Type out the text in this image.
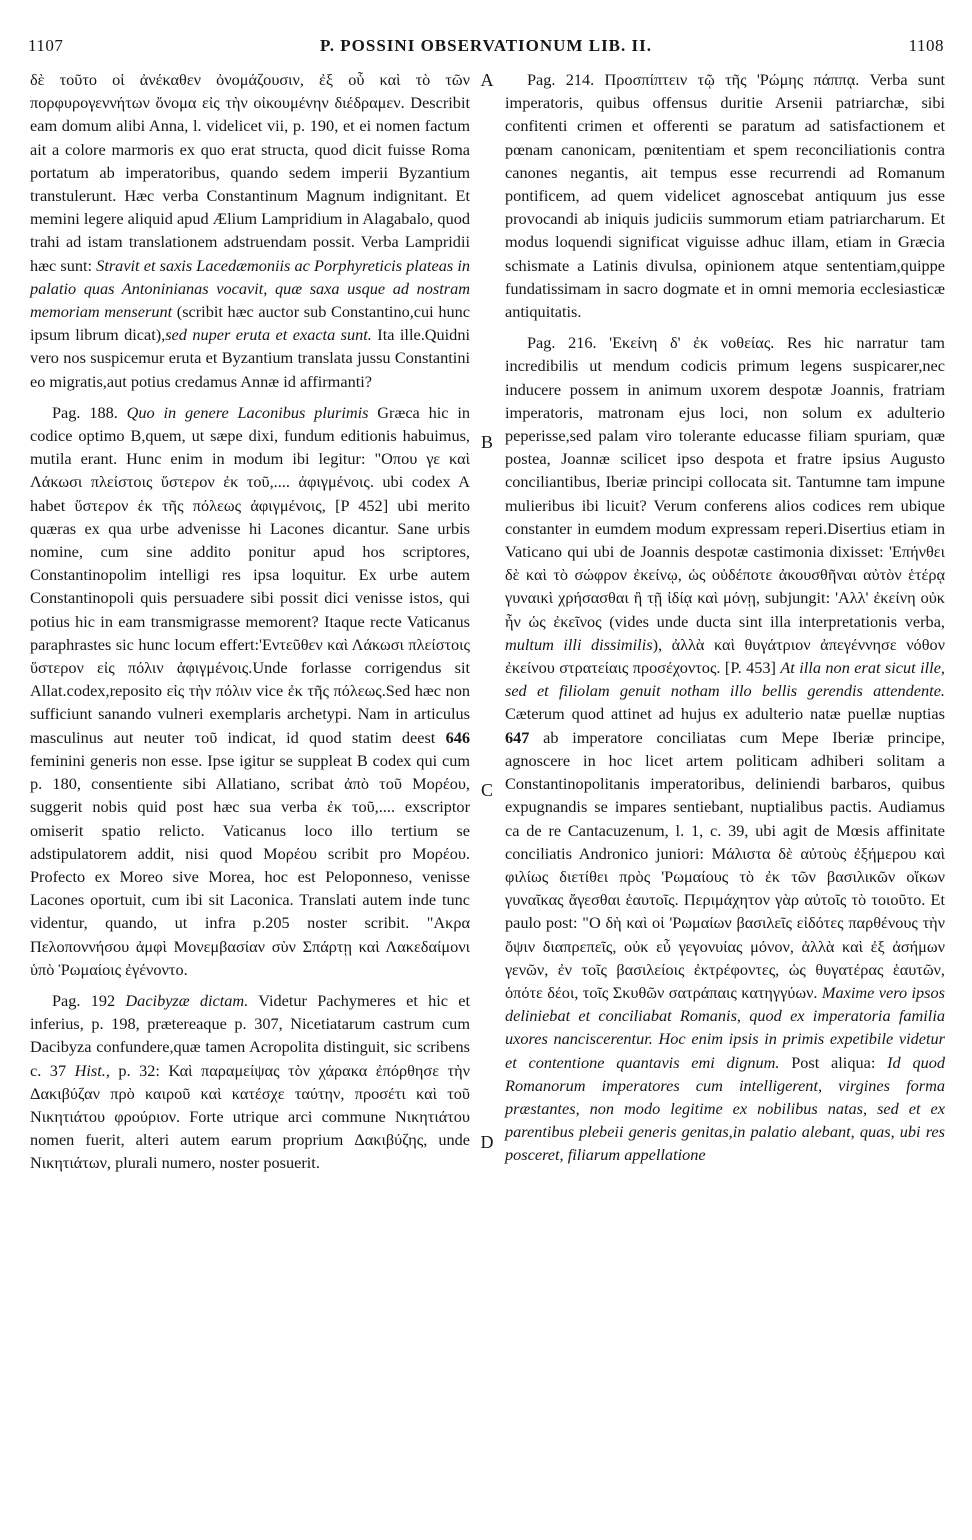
1107	P. POSSINI OBSERVATIONUM LIB. II.	1108
A
B
C
D

δὲ τοῦτο οἱ ἀνέκαθεν ὀνομάζουσιν, ἐξ οὗ καὶ τὸ τῶν πορφυρογεννήτων ὄνομα εἰς τὴν οἰκουμένην διέδραμεν. Describit eam domum alibi Anna, l. videlicet vii, p. 190, et ei nomen factum ait a colore marmoris ex quo erat structa, quod dicit fuisse Roma portatum ab imperatoribus, quando sedem imperii Byzantium transtulerunt. Hæc verba Constantinum Magnum indignitant. Et memini legere aliquid apud Ælium Lampridium in Alagabalo, quod trahi ad istam translationem adstruendam possit. Verba Lampridii hæc sunt: Stravit et saxis Lacedæmoniis ac Porphyreticis plateas in palatio quas Antoninianas vocavit, quæ saxa usque ad nostram memoriam menserunt (scribit hæc auctor sub Constantino,cui hunc ipsum librum dicat),sed nuper eruta et exacta sunt. Ita ille.Quidni vero nos suspicemur eruta et Byzantium translata jussu Constantini eo migratis,aut potius credamus Annæ id affirmanti?

Pag. 188. Quo in genere Laconibus plurimis Græca hic in codice optimo B,quem, ut sæpe dixi, fundum editionis habuimus, mutila erant. Hunc enim in modum ibi legitur: "Οπου γε καὶ Λάκωσι πλείστοις ὕστερον ἐκ τοῦ,.... ἀφιγμένοις. ubi codex A habet ὕστερον ἐκ τῆς πόλεως ἀφιγμένοις, [P 452] ubi merito quæras ex qua urbe advenisse hi Lacones dicantur. Sane urbis nomine, cum sine addito ponitur apud hos scriptores, Constantinopolim intelligi res ipsa loquitur. Ex urbe autem Constantinopoli quis persuadere sibi possit dici venisse istos, qui potius hic in eam transmigrasse memorent? Itaque recte Vaticanus paraphrastes sic hunc locum effert:'Εντεῦθεν καὶ Λάκωσι πλείστοις ὕστερον εἰς πόλιν ἀφιγμένοις.Unde forlasse corrigendus sit Allat.codex,reposito εἰς τὴν πόλιν vice ἐκ τῆς πόλεως.Sed hæc non sufficiunt sanando vulneri exemplaris archetypi. Nam in articulus masculinus aut neuter τοῦ indicat, id quod statim deest 646 feminini generis non esse. Ipse igitur se suppleat B codex qui cum p. 180, consentiente sibi Allatiano, scribat ἀπὸ τοῦ Μορέου, suggerit nobis quid post hæc sua verba ἐκ τοῦ,.... exscriptor omiserit spatio relicto. Vaticanus loco illo tertium se adstipulatorem addit, nisi quod Μορέου scribit pro Μορέου. Profecto ex Moreo sive Morea, hoc est Peloponneso, venisse Lacones oportuit, cum ibi sit Laconica. Translati autem inde tunc videntur, quando, ut infra p.205 noster scribit. "Ακρα Πελοποννήσου ἀμφὶ Μονεμβασίαν σὺν Σπάρτῃ καὶ Λακεδαίμονι ὑπὸ Ῥωμαίοις ἐγένοντο.

Pag. 192 Dacibyzæ dictam. Videtur Pachymeres et hic et inferius, p. 198, prætereaque p. 307, Nicetiatarum castrum cum Dacibyza confundere,quæ tamen Acropolita distinguit, sic scribens c. 37 Hist., p. 32: Καὶ παραμείψας τὸν χάρακα ἐπόρθησε τὴν Δακιβύζαν πρὸ καιροῦ καὶ κατέσχε ταύτην, προσέτι καὶ τοῦ Νικητιάτου φρούριον. Forte utrique arci commune Νικητιάτου nomen fuerit, alteri autem earum proprium Δακιβύζης, unde Νικητιάτων, plurali numero, noster posuerit.

Pag. 214. Προσπίπτειν τῷ τῆς 'Ρώμης πάππᾳ. Verba sunt imperatoris, quibus offensus duritie Arsenii patriarchæ, sibi confitenti crimen et offerenti se paratum ad satisfactionem et pœnam canonicam, pœnitentiam et spem reconciliationis contra canones negantis, ait tempus esse recurrendi ad Romanum pontificem, ad quem videlicet agnoscebat antiquum jus esse provocandi ab iniquis judiciis summorum etiam patriarcharum. Et modus loquendi significat viguisse adhuc illam, etiam in Græcia schismate a Latinis divulsa, opinionem atque sententiam,quippe fundatissimam in sacro dogmate et in omni memoria ecclesiasticæ antiquitatis.

Pag. 216. 'Εκείνη δ' ἐκ νοθείας. Res hic narratur tam incredibilis ut mendum codicis primum legens suspicarer,nec inducere possem in animum uxorem despotæ Joannis, fratriam imperatoris, matronam ejus loci, non solum ex adulterio peperisse,sed palam viro tolerante educasse filiam spuriam, quæ postea, Joannæ scilicet ipso despota et fratre ipsius Augusto conciliantibus, Iberiæ principi collocata sit. Tantumne tam impune mulieribus ibi licuit? Verum conferens alios codices rem ubique constanter in eumdem modum expressam reperi.Disertius etiam in Vaticano qui ubi de Joannis despotæ castimonia dixisset: 'Επήνθει δὲ καὶ τὸ σώφρον ἐκείνῳ, ὡς οὐδέποτε ἀκουσθῆναι αὐτὸν ἑτέρᾳ γυναικὶ χρήσασθαι ἢ τῇ ἰδίᾳ καὶ μόνῃ, subjungit: 'Αλλ' ἐκείνη οὐκ ἦν ὡς ἐκεῖνος (vides unde ducta sint illa interpretationis verba, multum illi dissimilis), ἀλλὰ καὶ θυγάτριον ἀπεγέννησε νόθον ἐκείνου στρατείαις προσέχοντος. [P. 453] At illa non erat sicut ille, sed et filiolam genuit notham illo bellis gerendis attendente. Cæterum quod attinet ad hujus ex adulterio natæ puellæ nuptias 647 ab imperatore conciliatas cum Mepe Iberiæ principe, agnoscere in hoc licet artem politicam adhiberi solitam a Constantinopolitanis imperatoribus, deliniendi barbaros, quibus expugnandis se impares sentiebant, nuptialibus pactis. Audiamus ca de re Cantacuzenum, l. 1, c. 39, ubi agit de Mœsis affinitate conciliatis Andronico juniori: Μάλιστα δὲ αὐτοὺς ἐξήμερου καὶ φιλίως διετίθει πρὸς 'Ρωμαίους τὸ ἐκ τῶν βασιλικῶν οἴκων γυναῖκας ἄγεσθαι ἑαυτοῖς. Περιμάχητον γὰρ αὐτοῖς τὸ τοιοῦτο. Et paulo post: "Ο δὴ καὶ οἱ 'Ρωμαίων βασιλεῖς εἰδότες παρθένους τὴν ὄψιν διαπρεπεῖς, οὐκ εὖ γεγονυίας μόνον, ἀλλὰ καὶ ἐξ ἀσήμων γενῶν, ἐν τοῖς βασιλείοις ἐκτρέφοντες, ὡς θυγατέρας ἑαυτῶν, ὁπότε δέοι, τοῖς Σκυθῶν σατράπαις κατηγγύων. Maxime vero ipsos deliniebat et conciliabat Romanis, quod ex imperatoria familia uxores nanciscerentur. Hoc enim ipsis in primis expetibile videtur et contentione quantavis emi dignum. Post aliqua: Id quod Romanorum imperatores cum intelligerent, virgines forma præstantes, non modo legitime ex nobilibus natas, sed et ex parentibus plebeii generis genitas,in palatio alebant, quas, ubi res posceret, filiarum appellatione
